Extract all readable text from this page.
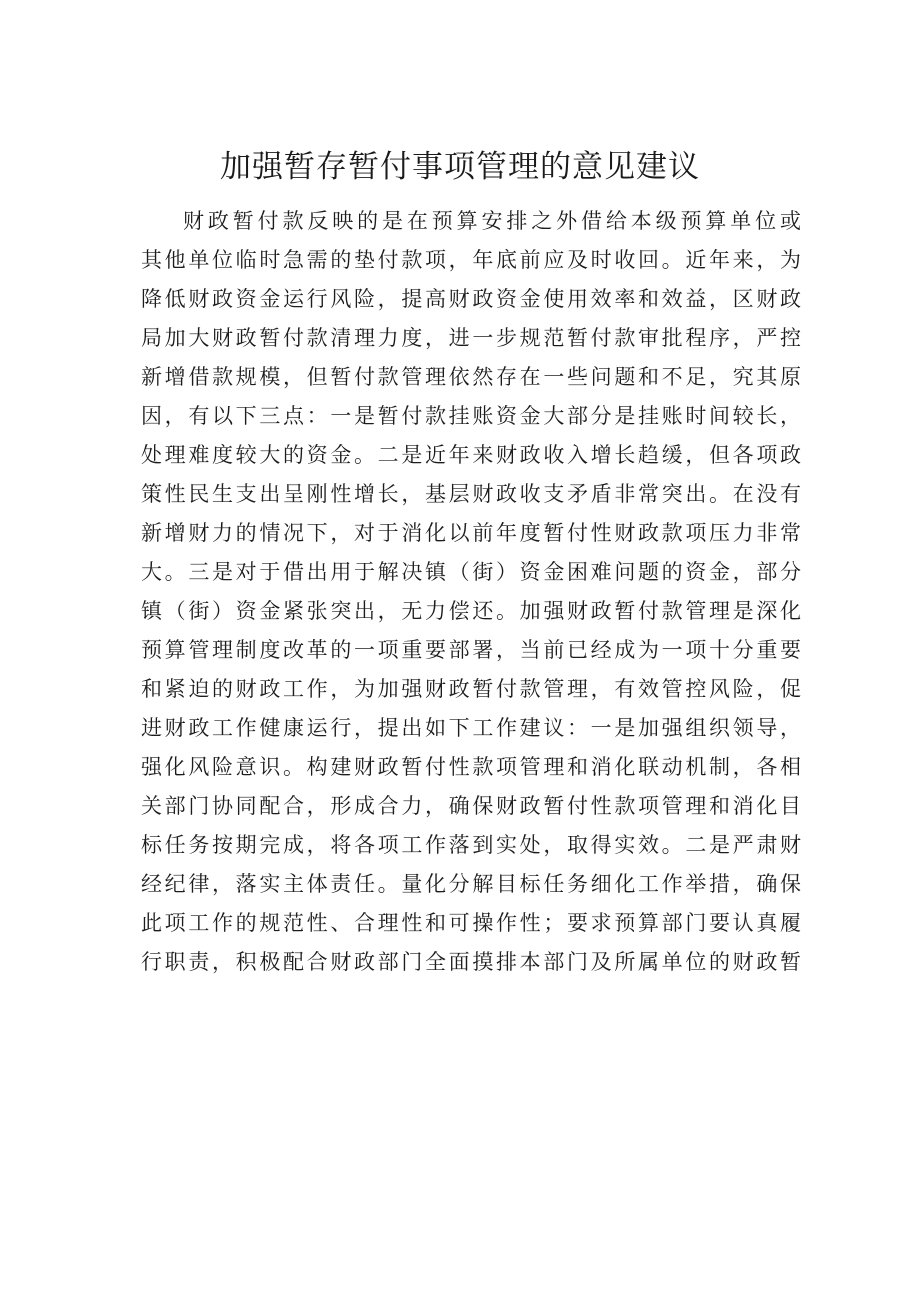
加强暂存暂付事项管理的意见建议
财政暂付款反映的是在预算安排之外借给本级预算单位或
其他单位临时急需的垫付款项，年底前应及时收回。近年来，为
降低财政资金运行风险，提高财政资金使用效率和效益，区财政
局加大财政暂付款清理力度，进一步规范暂付款审批程序，严控
新增借款规模，但暂付款管理依然存在一些问题和不足，究其原
因，有以下三点：一是暂付款挂账资金大部分是挂账时间较长，
处理难度较大的资金。二是近年来财政收入增长趋缓，但各项政
策性民生支出呈刚性增长，基层财政收支矛盾非常突出。在没有
新增财力的情况下，对于消化以前年度暂付性财政款项压力非常
大。三是对于借出用于解决镇（街）资金困难问题的资金，部分
镇（街）资金紧张突出，无力偿还。加强财政暂付款管理是深化
预算管理制度改革的一项重要部署，当前已经成为一项十分重要
和紧迫的财政工作，为加强财政暂付款管理，有效管控风险，促
进财政工作健康运行，提出如下工作建议：一是加强组织领导，
强化风险意识。构建财政暂付性款项管理和消化联动机制，各相
关部门协同配合，形成合力，确保财政暂付性款项管理和消化目
标任务按期完成，将各项工作落到实处，取得实效。二是严肃财
经纪律，落实主体责任。量化分解目标任务细化工作举措，确保
此项工作的规范性、合理性和可操作性；要求预算部门要认真履
行职责，积极配合财政部门全面摸排本部门及所属单位的财政暂
